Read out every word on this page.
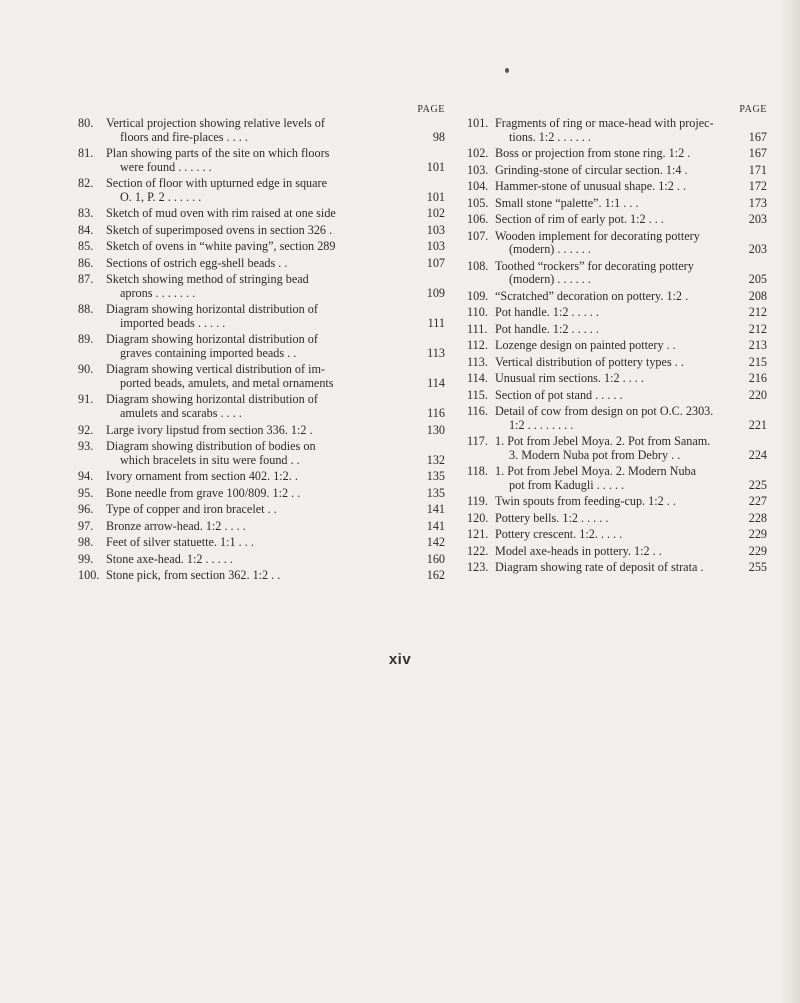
PAGE
80.	Vertical projection showing relative levels of
floors and fire-places . . . .	98
81.	Plan showing parts of the site on which floors
were found . . . . . .	101
82.	Section of floor with upturned edge in square
O. 1, P. 2 . . . . . .	101
83.	Sketch of mud oven with rim raised at one side	102
84.	Sketch of superimposed ovens in section 326 .	103
85.	Sketch of ovens in “white paving”, section 289	103
86.	Sections of ostrich egg-shell beads . .	107
87.	Sketch showing method of stringing bead
aprons . . . . . . .	109
88.	Diagram showing horizontal distribution of
imported beads . . . . .	111
89.	Diagram showing horizontal distribution of
graves containing imported beads . .	113
90.	Diagram showing vertical distribution of im-
ported beads, amulets, and metal ornaments	114
91.	Diagram showing horizontal distribution of
amulets and scarabs . . . .	116
92.	Large ivory lipstud from section 336. 1:2 .	130
93.	Diagram showing distribution of bodies on
which bracelets in situ were found . .	132
94.	Ivory ornament from section 402. 1:2. .	135
95.	Bone needle from grave 100/809. 1:2 . .	135
96.	Type of copper and iron bracelet . .	141
97.	Bronze arrow-head. 1:2 . . . .	141
98.	Feet of silver statuette. 1:1 . . .	142
99.	Stone axe-head. 1:2 . . . . .	160
100. Stone pick, from section 362. 1:2 . .	162
PAGE
101. Fragments of ring or mace-head with projec-
tions. 1:2 . . . . . .	167
102. Boss or projection from stone ring. 1:2 .	167
103. Grinding-stone of circular section. 1:4 .	171
104. Hammer-stone of unusual shape. 1:2 . .	172
105. Small stone “palette”. 1:1 . . .	173
106. Section of rim of early pot. 1:2 . . .	203
107. Wooden implement for decorating pottery
(modern) . . . . . .	203
108. Toothed “rockers” for decorating pottery
(modern) . . . . . .	205
109. “Scratched” decoration on pottery. 1:2 .	208
110. Pot handle. 1:2 . . . . .	212
111. Pot handle. 1:2 . . . . .	212
112. Lozenge design on painted pottery . .	213
113. Vertical distribution of pottery types . .	215
114. Unusual rim sections. 1:2 . . . .	216
115. Section of pot stand . . . . .	220
116. Detail of cow from design on pot O.C. 2303.
1:2 . . . . . . . .	221
117. 1. Pot from Jebel Moya. 2. Pot from Sanam.
3. Modern Nuba pot from Debry . .	224
118. 1. Pot from Jebel Moya. 2. Modern Nuba
pot from Kadugli . . . . .	225
119. Twin spouts from feeding-cup. 1:2 . .	227
120. Pottery bells. 1:2 . . . . .	228
121. Pottery crescent. 1:2. . . . .	229
122. Model axe-heads in pottery. 1:2 . .	229
123. Diagram showing rate of deposit of strata .	255
xiv
